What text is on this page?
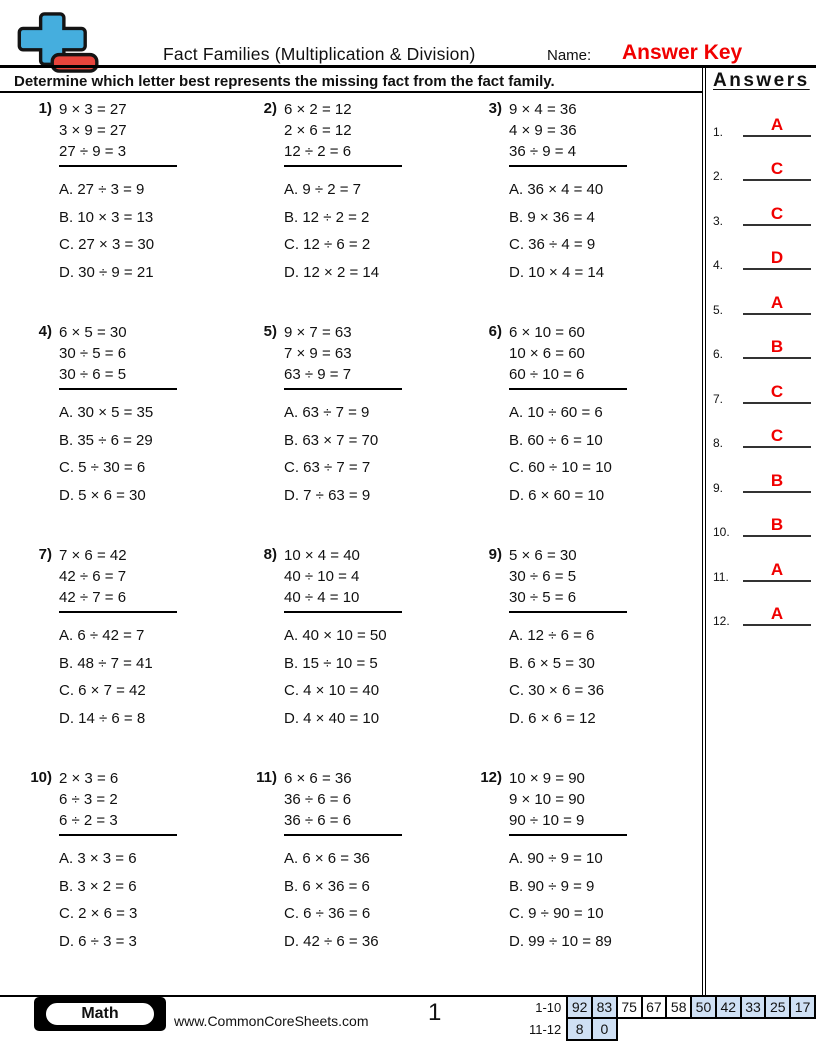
Fact Families (Multiplication & Division)	Name: Answer Key
Determine which letter best represents the missing fact from the fact family.
1) 9 × 3 = 27
3 × 9 = 27
27 ÷ 9 = 3
A. 27 ÷ 3 = 9
B. 10 × 3 = 13
C. 27 × 3 = 30
D. 30 ÷ 9 = 21
2) 6 × 2 = 12
2 × 6 = 12
12 ÷ 2 = 6
A. 9 ÷ 2 = 7
B. 12 ÷ 2 = 2
C. 12 ÷ 6 = 2
D. 12 × 2 = 14
3) 9 × 4 = 36
4 × 9 = 36
36 ÷ 9 = 4
A. 36 × 4 = 40
B. 9 × 36 = 4
C. 36 ÷ 4 = 9
D. 10 × 4 = 14
4) 6 × 5 = 30
30 ÷ 5 = 6
30 ÷ 6 = 5
A. 30 × 5 = 35
B. 35 ÷ 6 = 29
C. 5 ÷ 30 = 6
D. 5 × 6 = 30
5) 9 × 7 = 63
7 × 9 = 63
63 ÷ 9 = 7
A. 63 ÷ 7 = 9
B. 63 × 7 = 70
C. 63 ÷ 7 = 7
D. 7 ÷ 63 = 9
6) 6 × 10 = 60
10 × 6 = 60
60 ÷ 10 = 6
A. 10 ÷ 60 = 6
B. 60 ÷ 6 = 10
C. 60 ÷ 10 = 10
D. 6 × 60 = 10
7) 7 × 6 = 42
42 ÷ 6 = 7
42 ÷ 7 = 6
A. 6 ÷ 42 = 7
B. 48 ÷ 7 = 41
C. 6 × 7 = 42
D. 14 ÷ 6 = 8
8) 10 × 4 = 40
40 ÷ 10 = 4
40 ÷ 4 = 10
A. 40 × 10 = 50
B. 15 ÷ 10 = 5
C. 4 × 10 = 40
D. 4 × 40 = 10
9) 5 × 6 = 30
30 ÷ 6 = 5
30 ÷ 5 = 6
A. 12 ÷ 6 = 6
B. 6 × 5 = 30
C. 30 × 6 = 36
D. 6 × 6 = 12
10) 2 × 3 = 6
6 ÷ 3 = 2
6 ÷ 2 = 3
A. 3 × 3 = 6
B. 3 × 2 = 6
C. 2 × 6 = 3
D. 6 ÷ 3 = 3
11) 6 × 6 = 36
36 ÷ 6 = 6
36 ÷ 6 = 6
A. 6 × 6 = 36
B. 6 × 36 = 6
C. 6 ÷ 36 = 6
D. 42 ÷ 6 = 36
12) 10 × 9 = 90
9 × 10 = 90
90 ÷ 10 = 9
A. 90 ÷ 9 = 10
B. 90 ÷ 9 = 9
C. 9 ÷ 90 = 10
D. 99 ÷ 10 = 89
Answers
1.	A
2.	C
3.	C
4.	D
5.	A
6.	B
7.	C
8.	C
9.	B
10.	B
11.	A
12.	A
Math	www.CommonCoreSheets.com 1	1-10	92	83	75	67	58	50	42	33	25	17
11-12	8	0								
